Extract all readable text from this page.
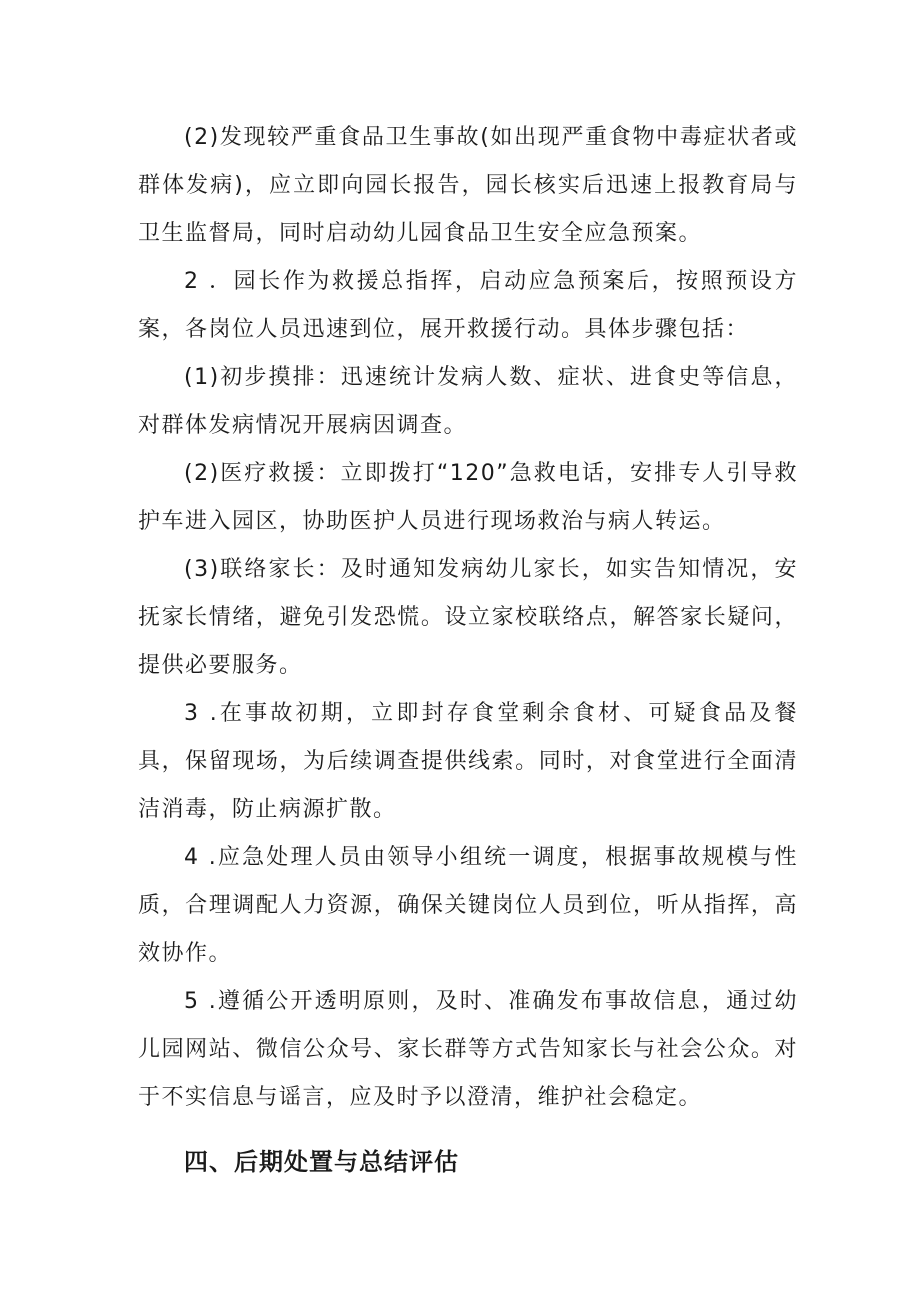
(2)发现较严重食品卫生事故(如出现严重食物中毒症状者或群体发病)，应立即向园长报告，园长核实后迅速上报教育局与卫生监督局，同时启动幼儿园食品卫生安全应急预案。

2 ．园长作为救援总指挥，启动应急预案后，按照预设方案，各岗位人员迅速到位，展开救援行动。具体步骤包括：

(1)初步摸排：迅速统计发病人数、症状、进食史等信息，对群体发病情况开展病因调查。

(2)医疗救援：立即拨打“120”急救电话，安排专人引导救护车进入园区，协助医护人员进行现场救治与病人转运。

(3)联络家长：及时通知发病幼儿家长，如实告知情况，安抚家长情绪，避免引发恐慌。设立家校联络点，解答家长疑问，提供必要服务。

3 .在事故初期，立即封存食堂剩余食材、可疑食品及餐具，保留现场，为后续调查提供线索。同时，对食堂进行全面清洁消毒，防止病源扩散。

4 .应急处理人员由领导小组统一调度，根据事故规模与性质，合理调配人力资源，确保关键岗位人员到位，听从指挥，高效协作。

5 .遵循公开透明原则，及时、准确发布事故信息，通过幼儿园网站、微信公众号、家长群等方式告知家长与社会公众。对于不实信息与谣言，应及时予以澄清，维护社会稳定。

四、后期处置与总结评估
